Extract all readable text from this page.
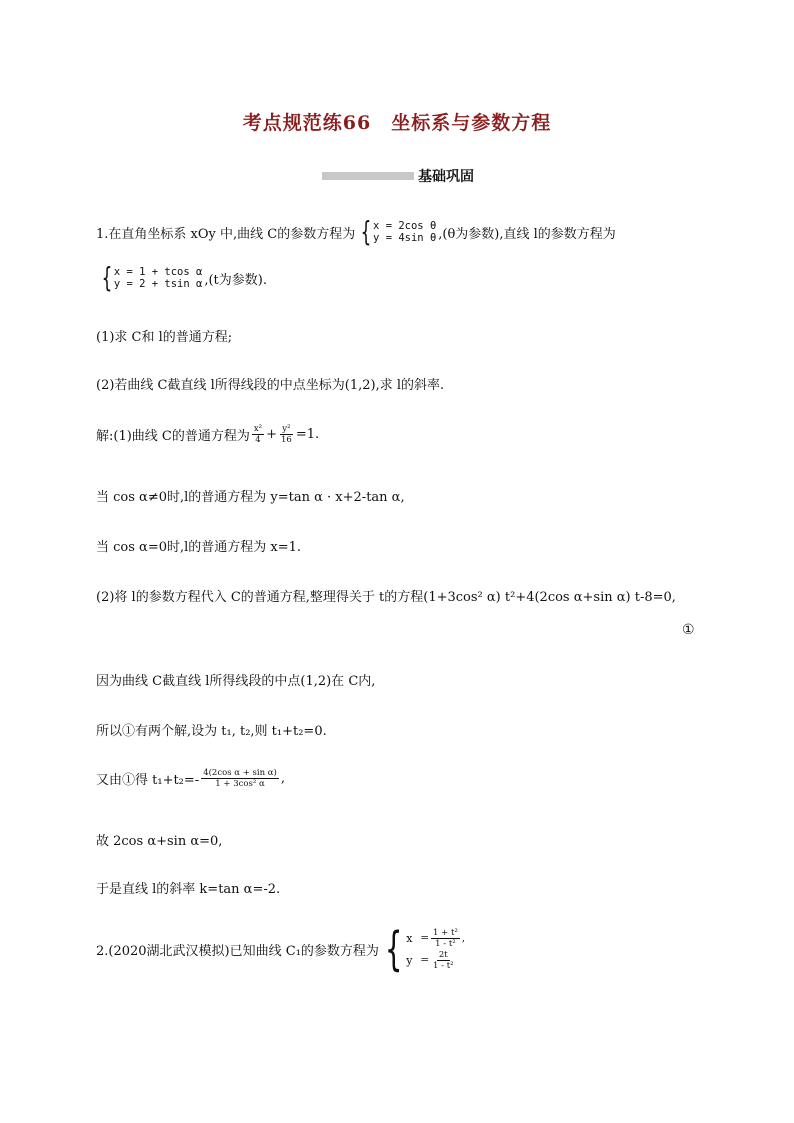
考点规范练66　坐标系与参数方程
基础巩固
1.在直角坐标系 xOy 中,曲线 C的参数方程为 { x = 2cos θ
y = 4sin θ ,(θ为参数),直线 l的参数方程为
{ x = 1 + tcos α
y = 2 + tsin α ,(t为参数).
(1)求 C和 l的普通方程;
(2)若曲线 C截直线 l所得线段的中点坐标为(1,2),求 l的斜率.
解:(1)曲线 C的普通方程为 $\frac{\text{x²}}{4} + \frac{\text{y²}}{16} =1$.
当 cos α≠0时,l的普通方程为 y=tan α · x+2-tan α,
当 cos α=0时,l的普通方程为 x=1.
(2)将 l的参数方程代入 C的普通方程,整理得关于 t的方程(1+3cos² α) t²+4(2cos α+sin α) t-8=0,
①
因为曲线 C截直线 l所得线段的中点(1,2)在 C内,
所以①有两个解,设为 t₁, t₂,则 t₁+t₂=0.
又由①得 $t_1+t_2=- \frac{\text{4(2cos α + sin α)}}{\text{1 + 3cos² α}}$ ,
故 2cos α+sin α=0,
于是直线 l的斜率 k=tan α=-2.
2.(2020湖北武汉模拟)已知曲线 C₁的参数方程为 { $x = \frac{\text{1 + t²}}{\text{1 - t²}}$ ,
$y = \frac{2t}{\text{1 - t²}}$
